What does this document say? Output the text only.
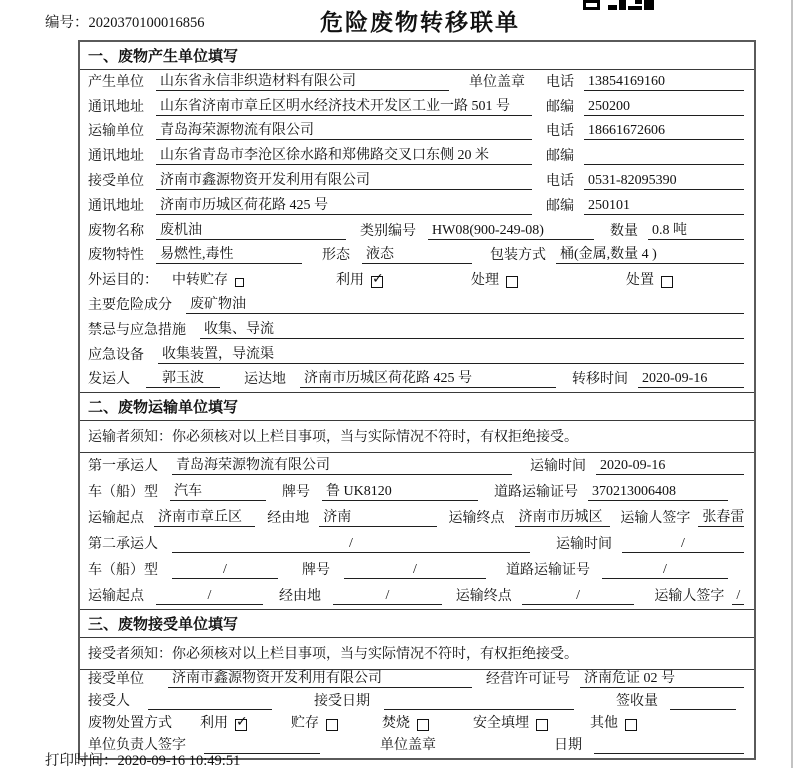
编号：2020370100016856	危险废物转移联单
一、废物产生单位填写
产生单位 山东省永信非织造材料有限公司	单位盖章 电话 13854169160
通讯地址 山东省济南市章丘区明水经济技术开发区工业一路 501 号	邮编 250200
运输单位 青岛海荣源物流有限公司	电话 18661672606
通讯地址 山东省青岛市李沧区徐水路和郑佛路交叉口东侧 20 米	邮编
接受单位 济南市鑫源物资开发利用有限公司	电话 0531-82095390
通讯地址 济南市历城区荷花路 425 号	邮编 250101
废物名称 废机油	类别编号 HW08(900-249-08)	数量 0.8 吨
废物特性 易燃性,毒性	形态 液态	包装方式 桶(金属,数量 4 )
外运目的： 中转贮存	利用 ✓	处理	处置
主要危险成分 废矿物油
禁忌与应急措施 收集、导流
应急设备 收集装置，导流渠
发运人	郭玉波	运达地 济南市历城区荷花路 425 号	转移时间 2020-09-16
二、废物运输单位填写
运输者须知：你必须核对以上栏目事项，当与实际情况不符时，有权拒绝接受。
第一承运人 青岛海荣源物流有限公司	运输时间 2020-09-16
车（船）型 汽车	牌号 鲁 UK8120	道路运输证号 370213006408
运输起点 济南市章丘区	经由地 济南	运输终点 济南市历城区	运输人签字 张春雷
第二承运人	/	运输时间	/
车（船）型	/	牌号	/	道路运输证号	/
运输起点	/	经由地	/	运输终点	/	运输人签字 /
三、废物接受单位填写
接受者须知：你必须核对以上栏目事项，当与实际情况不符时，有权拒绝接受。
接受单位 济南市鑫源物资开发利用有限公司	经营许可证号 济南危证 02 号
接受人	接受日期	签收量
废物处置方式 利用 ✓	贮存	焚烧	安全填埋	其他
单位负责人签字	单位盖章	日期
打印时间：2020-09-16 10:49:51
